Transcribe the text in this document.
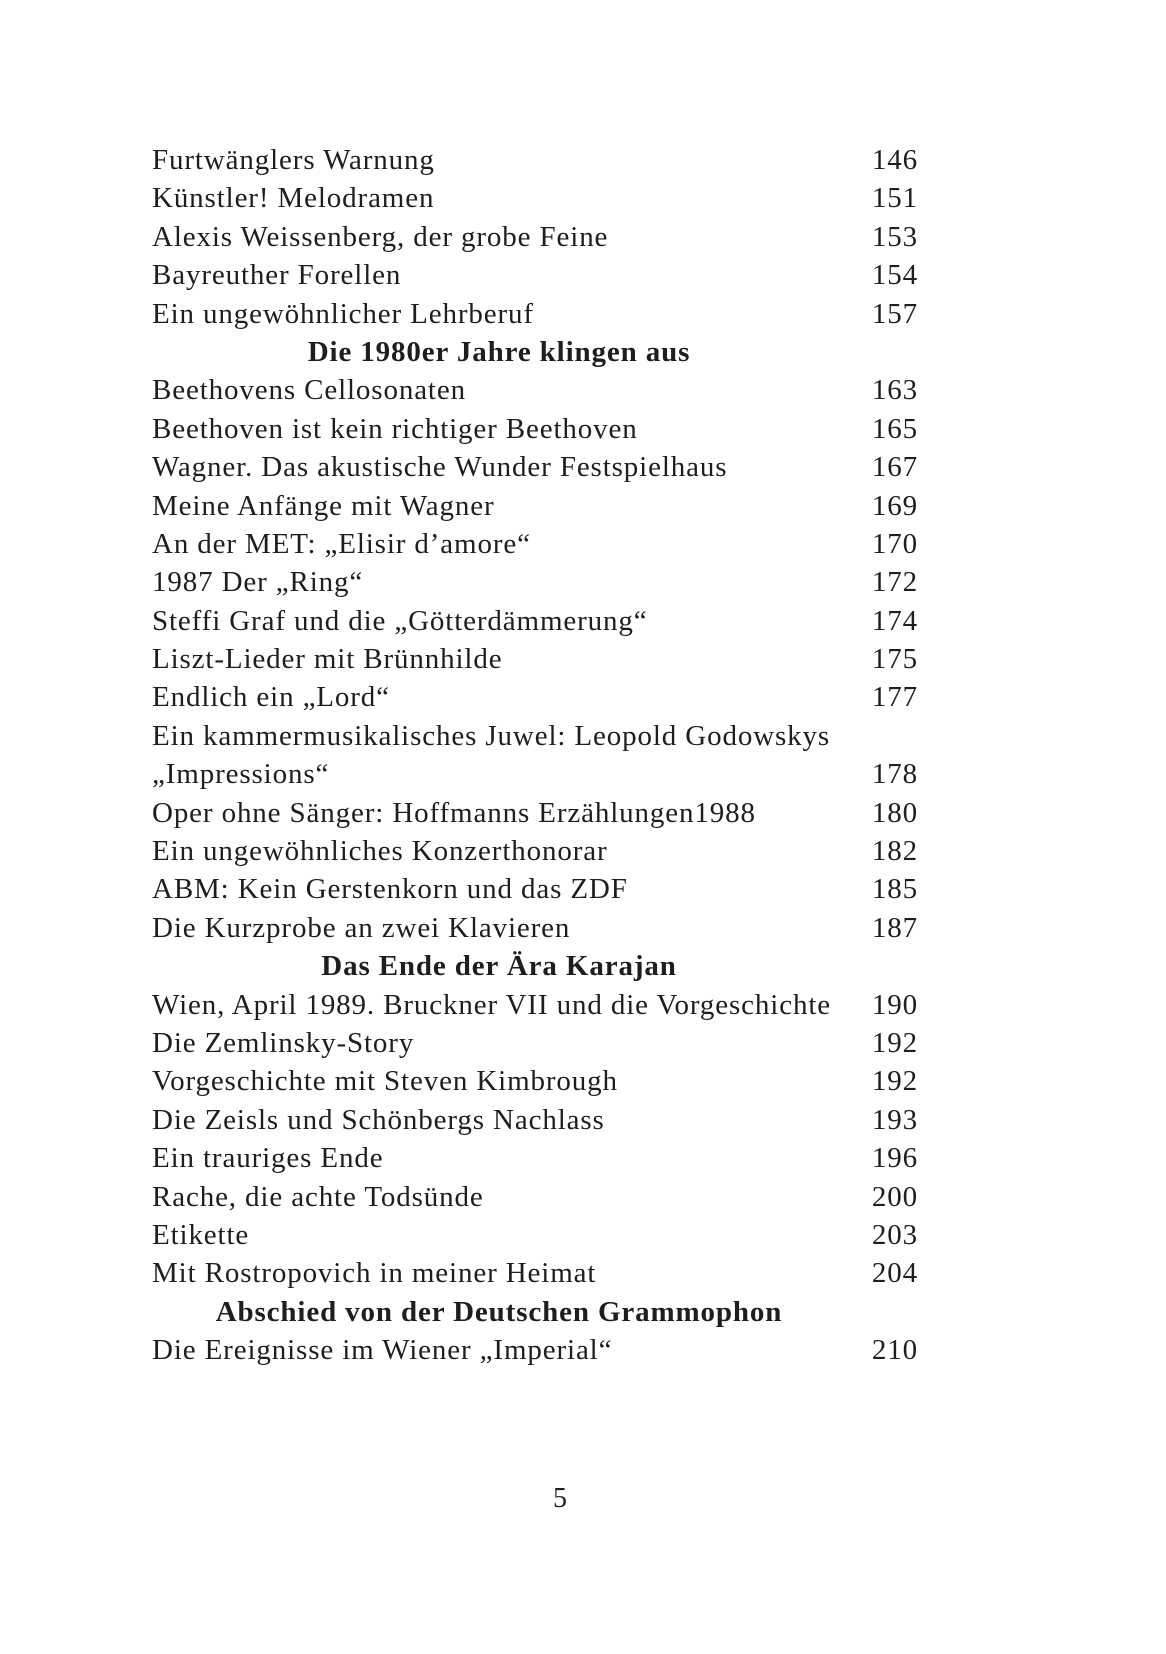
Furtwänglers Warnung	146
Künstler! Melodramen	151
Alexis Weissenberg, der grobe Feine	153
Bayreuther Forellen	154
Ein ungewöhnlicher Lehrberuf	157
Die 1980er Jahre klingen aus
Beethovens Cellosonaten	163
Beethoven ist kein richtiger Beethoven	165
Wagner. Das akustische Wunder Festspielhaus	167
Meine Anfänge mit Wagner	169
An der MET: „Elisir d’amore“	170
1987 Der „Ring“	172
Steffi Graf und die „Götterdämmerung“	174
Liszt-Lieder mit Brünnhilde	175
Endlich ein „Lord“	177
Ein kammermusikalisches Juwel: Leopold Godowskys
„Impressions“	178
Oper ohne Sänger: Hoffmanns Erzählungen1988	180
Ein ungewöhnliches Konzerthonorar	182
ABM: Kein Gerstenkorn und das ZDF	185
Die Kurzprobe an zwei Klavieren	187
Das Ende der Ära Karajan
Wien, April 1989. Bruckner VII und die Vorgeschichte	190
Die Zemlinsky-Story	192
Vorgeschichte mit Steven Kimbrough	192
Die Zeisls und Schönbergs Nachlass	193
Ein trauriges Ende	196
Rache, die achte Todsünde	200
Etikette	203
Mit Rostropovich in meiner Heimat	204
Abschied von der Deutschen Grammophon
Die Ereignisse im Wiener „Imperial“	210
5
